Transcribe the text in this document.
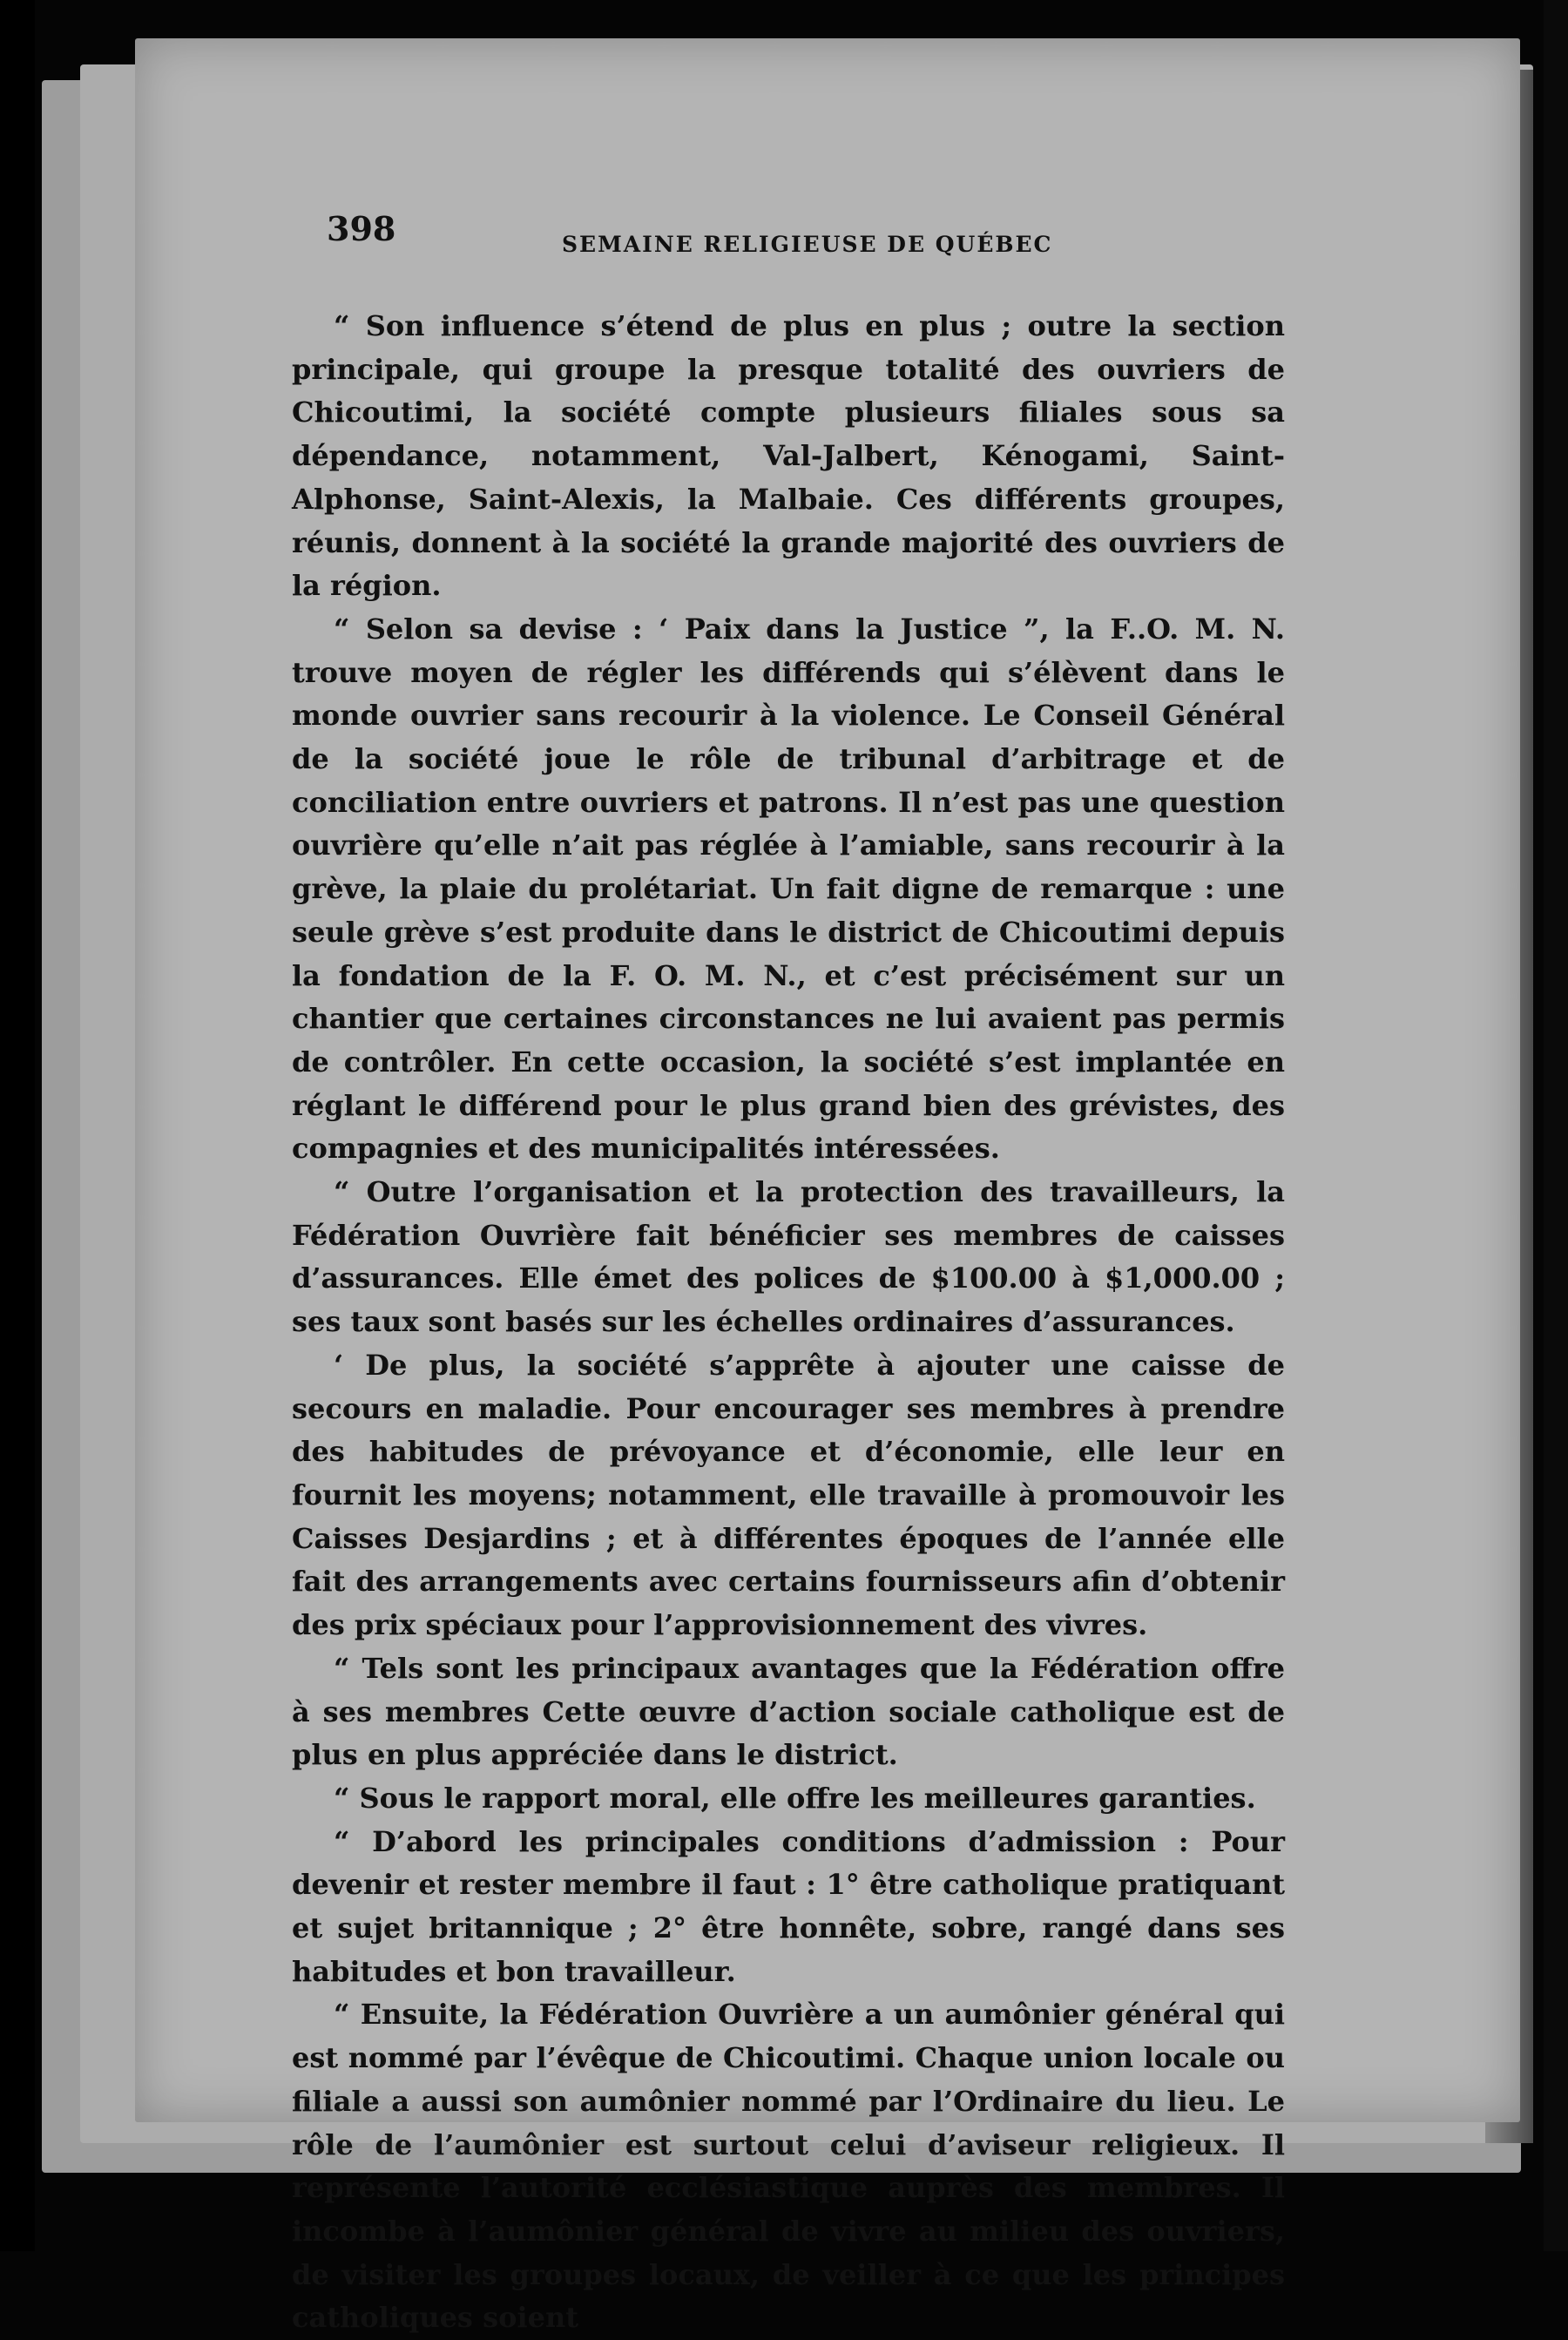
398	SEMAINE RELIGIEUSE DE QUÉBEC

“ Son influence s’étend de plus en plus ; outre la section principale, qui groupe la presque totalité des ouvriers de Chicoutimi, la société compte plusieurs filiales sous sa dépendance, notamment, Val-Jalbert, Kénogami, Saint-Alphonse, Saint-Alexis, la Malbaie. Ces différents groupes, réunis, donnent à la société la grande majorité des ouvriers de la région.

“ Selon sa devise : ‘ Paix dans la Justice ”, la F..O. M. N. trouve moyen de régler les différends qui s’élèvent dans le monde ouvrier sans recourir à la violence. Le Conseil Général de la société joue le rôle de tribunal d’arbitrage et de conciliation entre ouvriers et patrons. Il n’est pas une question ouvrière qu’elle n’ait pas réglée à l’amiable, sans recourir à la grève, la plaie du prolétariat. Un fait digne de remarque : une seule grève s’est produite dans le district de Chicoutimi depuis la fondation de la F. O. M. N., et c’est précisément sur un chantier que certaines circonstances ne lui avaient pas permis de contrôler. En cette occasion, la société s’est implantée en réglant le différend pour le plus grand bien des grévistes, des compagnies et des municipalités intéressées.

“ Outre l’organisation et la protection des travailleurs, la Fédération Ouvrière fait bénéficier ses membres de caisses d’assurances. Elle émet des polices de $100.00 à $1,000.00 ; ses taux sont basés sur les échelles ordinaires d’assurances.

‘ De plus, la société s’apprête à ajouter une caisse de secours en maladie. Pour encourager ses membres à prendre des habitudes de prévoyance et d’économie, elle leur en fournit les moyens; notamment, elle travaille à promouvoir les Caisses Desjardins ; et à différentes époques de l’année elle fait des arrangements avec certains fournisseurs afin d’obtenir des prix spéciaux pour l’approvisionnement des vivres.

“ Tels sont les principaux avantages que la Fédération offre à ses membres Cette œuvre d’action sociale catholique est de plus en plus appréciée dans le district.

“ Sous le rapport moral, elle offre les meilleures garanties.

“ D’abord les principales conditions d’admission : Pour devenir et rester membre il faut : 1° être catholique pratiquant et sujet britannique ; 2° être honnête, sobre, rangé dans ses habitudes et bon travailleur.

“ Ensuite, la Fédération Ouvrière a un aumônier général qui est nommé par l’évêque de Chicoutimi. Chaque union locale ou filiale a aussi son aumônier nommé par l’Ordinaire du lieu. Le rôle de l’aumônier est surtout celui d’aviseur religieux. Il représente l’autorité ecclésiastique auprès des membres. Il incombe à l’aumônier général de vivre au milieu des ouvriers, de visiter les groupes locaux, de veiller à ce que les principes catholiques soient
